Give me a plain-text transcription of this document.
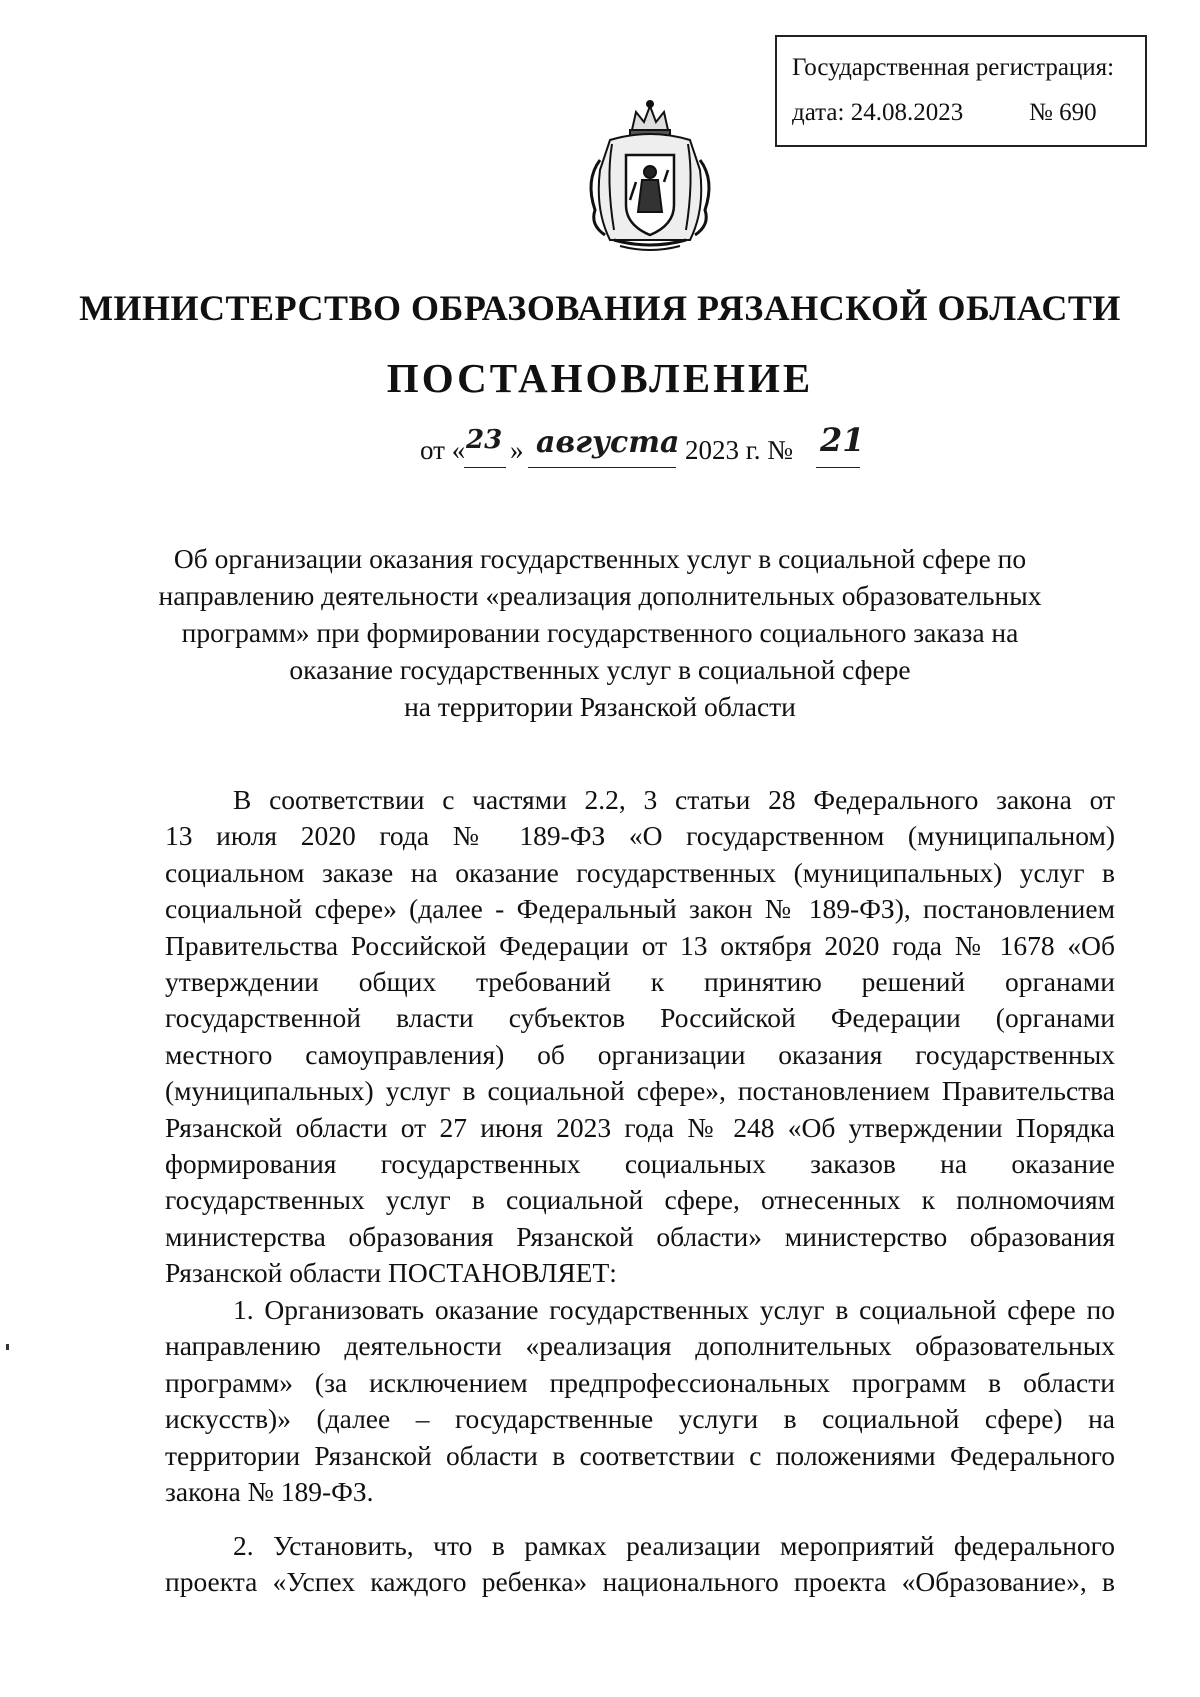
Государственная регистрация:
дата: 24.08.2023	№ 690
МИНИСТЕРСТВО ОБРАЗОВАНИЯ РЯЗАНСКОЙ ОБЛАСТИ
ПОСТАНОВЛЕНИЕ
от « 23 » августа 2023 г. № 21
Об организации оказания государственных услуг в социальной сфере по
направлению деятельности «реализация дополнительных образовательных
программ» при формировании государственного социального заказа на
оказание государственных услуг в социальной сфере
на территории Рязанской области
В соответствии с частями 2.2, 3 статьи 28 Федерального закона от
13 июля 2020 года № 189-ФЗ «О государственном (муниципальном)
социальном заказе на оказание государственных (муниципальных) услуг в
социальной сфере» (далее - Федеральный закон № 189-ФЗ), постановлением
Правительства Российской Федерации от 13 октября 2020 года № 1678 «Об
утверждении общих требований к принятию решений органами
государственной власти субъектов Российской Федерации (органами
местного самоуправления) об организации оказания государственных
(муниципальных) услуг в социальной сфере», постановлением Правительства
Рязанской области от 27 июня 2023 года № 248 «Об утверждении Порядка
формирования государственных социальных заказов на оказание
государственных услуг в социальной сфере, отнесенных к полномочиям
министерства образования Рязанской области» министерство образования
Рязанской области ПОСТАНОВЛЯЕТ:
1. Организовать оказание государственных услуг в социальной сфере по
направлению деятельности «реализация дополнительных образовательных
программ» (за исключением предпрофессиональных программ в области
искусств)» (далее – государственные услуги в социальной сфере) на
территории Рязанской области в соответствии с положениями Федерального
закона № 189-ФЗ.
2. Установить, что в рамках реализации мероприятий федерального
проекта «Успех каждого ребенка» национального проекта «Образование», в
